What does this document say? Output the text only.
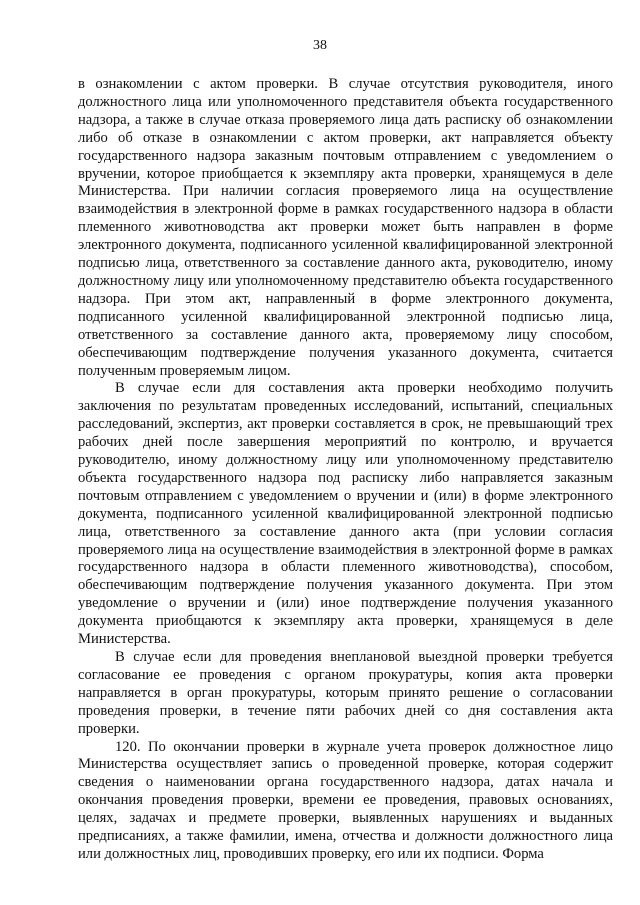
38

в ознакомлении с актом проверки. В случае отсутствия руководителя, иного должностного лица или уполномоченного представителя объекта государственного надзора, а также в случае отказа проверяемого лица дать расписку об ознакомлении либо об отказе в ознакомлении с актом проверки, акт направляется объекту государственного надзора заказным почтовым отправлением с уведомлением о вручении, которое приобщается к экземпляру акта проверки, хранящемуся в деле Министерства. При наличии согласия проверяемого лица на осуществление взаимодействия в электронной форме в рамках государственного надзора в области племенного животноводства акт проверки может быть направлен в форме электронного документа, подписанного усиленной квалифицированной электронной подписью лица, ответственного за составление данного акта, руководителю, иному должностному лицу или уполномоченному представителю объекта государственного надзора. При этом акт, направленный в форме электронного документа, подписанного усиленной квалифицированной электронной подписью лица, ответственного за составление данного акта, проверяемому лицу способом, обеспечивающим подтверждение получения указанного документа, считается полученным проверяемым лицом.

В случае если для составления акта проверки необходимо получить заключения по результатам проведенных исследований, испытаний, специальных расследований, экспертиз, акт проверки составляется в срок, не превышающий трех рабочих дней после завершения мероприятий по контролю, и вручается руководителю, иному должностному лицу или уполномоченному представителю объекта государственного надзора под расписку либо направляется заказным почтовым отправлением с уведомлением о вручении и (или) в форме электронного документа, подписанного усиленной квалифицированной электронной подписью лица, ответственного за составление данного акта (при условии согласия проверяемого лица на осуществление взаимодействия в электронной форме в рамках государственного надзора в области племенного животноводства), способом, обеспечивающим подтверждение получения указанного документа. При этом уведомление о вручении и (или) иное подтверждение получения указанного документа приобщаются к экземпляру акта проверки, хранящемуся в деле Министерства.

В случае если для проведения внеплановой выездной проверки требуется согласование ее проведения с органом прокуратуры, копия акта проверки направляется в орган прокуратуры, которым принято решение о согласовании проведения проверки, в течение пяти рабочих дней со дня составления акта проверки.

120. По окончании проверки в журнале учета проверок должностное лицо Министерства осуществляет запись о проведенной проверке, которая содержит сведения о наименовании органа государственного надзора, датах начала и окончания проведения проверки, времени ее проведения, правовых основаниях, целях, задачах и предмете проверки, выявленных нарушениях и выданных предписаниях, а также фамилии, имена, отчества и должности должностного лица или должностных лиц, проводивших проверку, его или их подписи. Форма
